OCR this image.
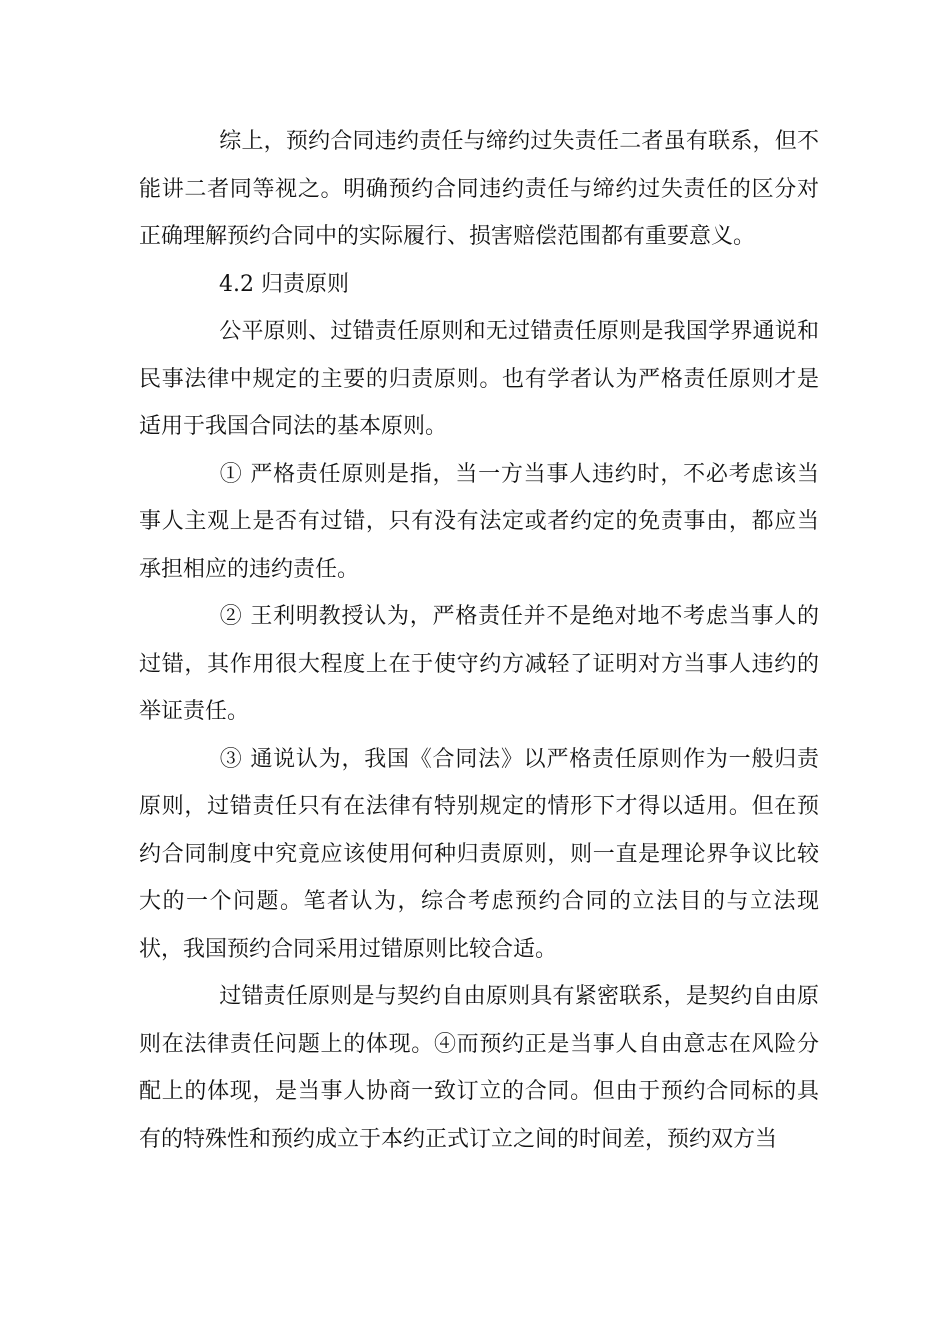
综上，预约合同违约责任与缔约过失责任二者虽有联系，但不能讲二者同等视之。明确预约合同违约责任与缔约过失责任的区分对正确理解预约合同中的实际履行、损害赔偿范围都有重要意义。

4.2 归责原则

公平原则、过错责任原则和无过错责任原则是我国学界通说和民事法律中规定的主要的归责原则。也有学者认为严格责任原则才是适用于我国合同法的基本原则。

① 严格责任原则是指，当一方当事人违约时，不必考虑该当事人主观上是否有过错，只有没有法定或者约定的免责事由，都应当承担相应的违约责任。

② 王利明教授认为，严格责任并不是绝对地不考虑当事人的过错，其作用很大程度上在于使守约方减轻了证明对方当事人违约的举证责任。

③ 通说认为，我国《合同法》以严格责任原则作为一般归责原则，过错责任只有在法律有特别规定的情形下才得以适用。但在预约合同制度中究竟应该使用何种归责原则，则一直是理论界争议比较大的一个问题。笔者认为，综合考虑预约合同的立法目的与立法现状，我国预约合同采用过错原则比较合适。

过错责任原则是与契约自由原则具有紧密联系，是契约自由原则在法律责任问题上的体现。④而预约正是当事人自由意志在风险分配上的体现，是当事人协商一致订立的合同。但由于预约合同标的具有的特殊性和预约成立于本约正式订立之间的时间差，预约双方当
